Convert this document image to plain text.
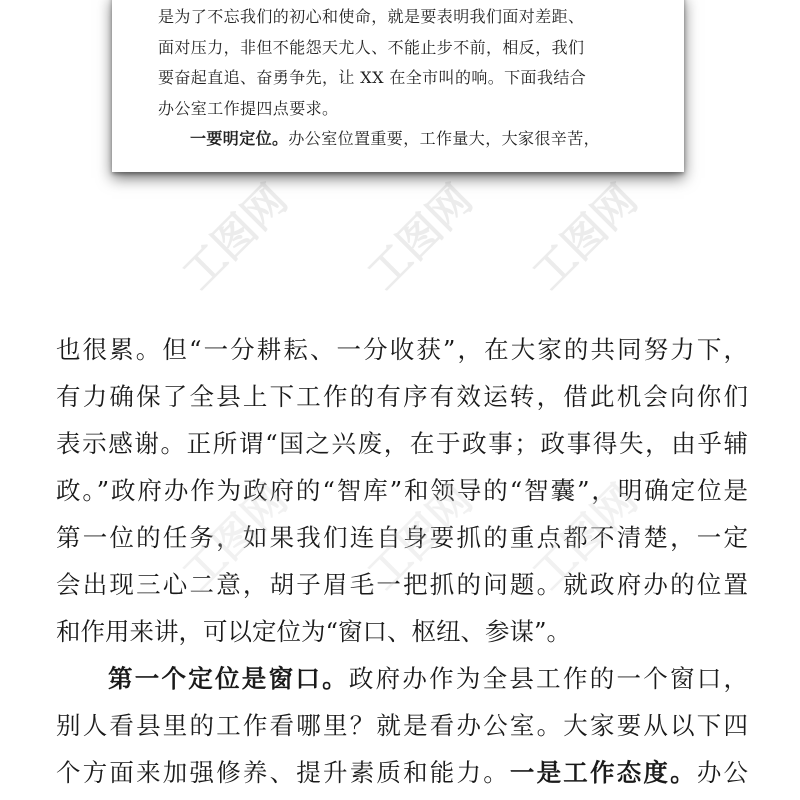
工图网 工图网 工图网
工图网 工图网 工图网
是为了不忘我们的初心和使命，就是要表明我们面对差距、
面对压力，非但不能怨天尤人、不能止步不前，相反，我们
要奋起直追、奋勇争先，让 XX 在全市叫的响。下面我结合
办公室工作提四点要求。
一要明定位。办公室位置重要，工作量大，大家很辛苦，
也很累。但“一分耕耘、一分收获”，在大家的共同努力下，
有力确保了全县上下工作的有序有效运转，借此机会向你们
表示感谢。正所谓“国之兴废，在于政事；政事得失，由乎辅
政。”政府办作为政府的“智库”和领导的“智囊”，明确定位是
第一位的任务，如果我们连自身要抓的重点都不清楚，一定
会出现三心二意，胡子眉毛一把抓的问题。就政府办的位置
和作用来讲，可以定位为“窗口、枢纽、参谋”。
第一个定位是窗口。政府办作为全县工作的一个窗口，
别人看县里的工作看哪里？就是看办公室。大家要从以下四
个方面来加强修养、提升素质和能力。一是工作态度。办公
